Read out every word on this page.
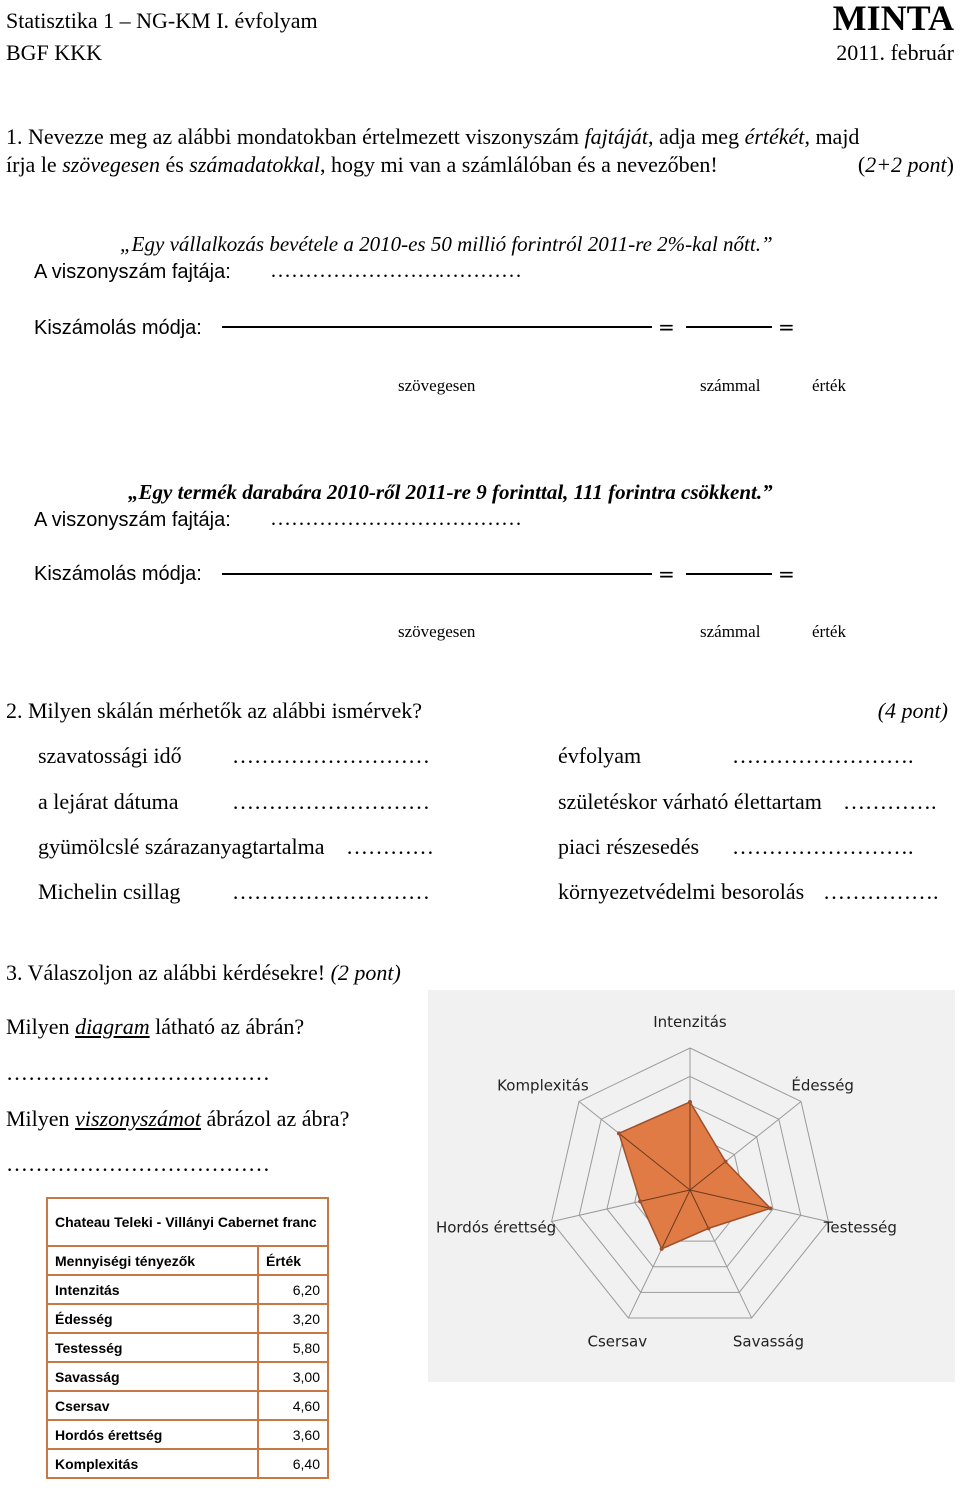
Statisztika 1 – NG-KM I. évfolyam
BGF KKK
MINTA
2011. február
1. Nevezze meg az alábbi mondatokban értelmezett viszonyszám fajtáját, adja meg értékét, majd
írja le szövegesen és számadatokkal, hogy mi van a számlálóban és a nevezőben!	(2+2 pont)
„Egy vállalkozás bevétele a 2010-es 50 millió forintról 2011-re 2%-kal nőtt.”
A viszonyszám fajtája: ………………………………
Kiszámolás módja:	=	=
szövegesen	számmal	érték
„Egy termék darabára 2010-ről 2011-re 9 forinttal, 111 forintra csökkent.”
A viszonyszám fajtája: ………………………………
Kiszámolás módja:	=	=
szövegesen	számmal	érték
2. Milyen skálán mérhetők az alábbi ismérvek?	(4 pont)
szavatossági idő ………………………
a lejárat dátuma ………………………
gyümölcslé szárazanyagtartalma …………
Michelin csillag ………………………
évfolyam	…………………….
születéskor várható élettartam ………….
piaci részesedés …………………….
környezetvédelmi besorolás …………….
3. Válaszoljon az alábbi kérdésekre! (2 pont)
Milyen diagram látható az ábrán?
………………………………
Milyen viszonyszámot ábrázol az ábra?
………………………………
Chateau Teleki - Villányi Cabernet franc	
Mennyiségi tényezők	Érték
Intenzitás	6,20
Édesség	3,20
Testesség	5,80
Savasság	3,00
Csersav	4,60
Hordós érettség	3,60
Komplexitás	6,40
Intenzitás
Édesség
Testesség
Savasság
Csersav
Hordós érettség
Komplexitás
